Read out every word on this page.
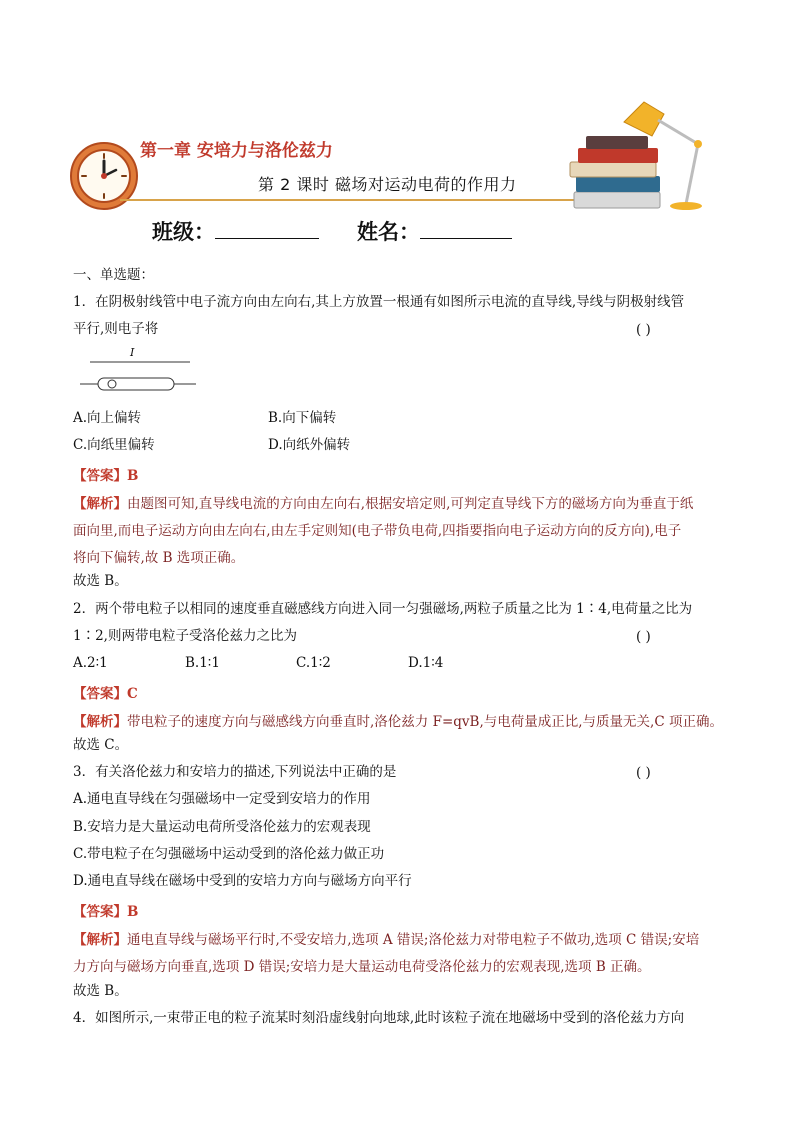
第一章 安培力与洛伦兹力
第 2 课时 磁场对运动电荷的作用力
班级：	姓名：
一、单选题：
1．在阴极射线管中电子流方向由左向右,其上方放置一根通有如图所示电流的直导线,导线与阴极射线管
平行,则电子将	( )
I
A.向上偏转	B.向下偏转
C.向纸里偏转	D.向纸外偏转
【答案】B
【解析】由题图可知,直导线电流的方向由左向右,根据安培定则,可判定直导线下方的磁场方向为垂直于纸
面向里,而电子运动方向由左向右,由左手定则知(电子带负电荷,四指要指向电子运动方向的反方向),电子
将向下偏转,故 B 选项正确。
故选 B。
2．两个带电粒子以相同的速度垂直磁感线方向进入同一匀强磁场,两粒子质量之比为 1∶4,电荷量之比为
1∶2,则两带电粒子受洛伦兹力之比为	( )
A.2∶1	B.1∶1	C.1∶2	D.1∶4
【答案】C
【解析】带电粒子的速度方向与磁感线方向垂直时,洛伦兹力 F=qvB,与电荷量成正比,与质量无关,C 项正确。
故选 C。
3．有关洛伦兹力和安培力的描述,下列说法中正确的是	( )
A.通电直导线在匀强磁场中一定受到安培力的作用
B.安培力是大量运动电荷所受洛伦兹力的宏观表现
C.带电粒子在匀强磁场中运动受到的洛伦兹力做正功
D.通电直导线在磁场中受到的安培力方向与磁场方向平行
【答案】B
【解析】通电直导线与磁场平行时,不受安培力,选项 A 错误;洛伦兹力对带电粒子不做功,选项 C 错误;安培
力方向与磁场方向垂直,选项 D 错误;安培力是大量运动电荷受洛伦兹力的宏观表现,选项 B 正确。
故选 B。
4．如图所示,一束带正电的粒子流某时刻沿虚线射向地球,此时该粒子流在地磁场中受到的洛伦兹力方向
